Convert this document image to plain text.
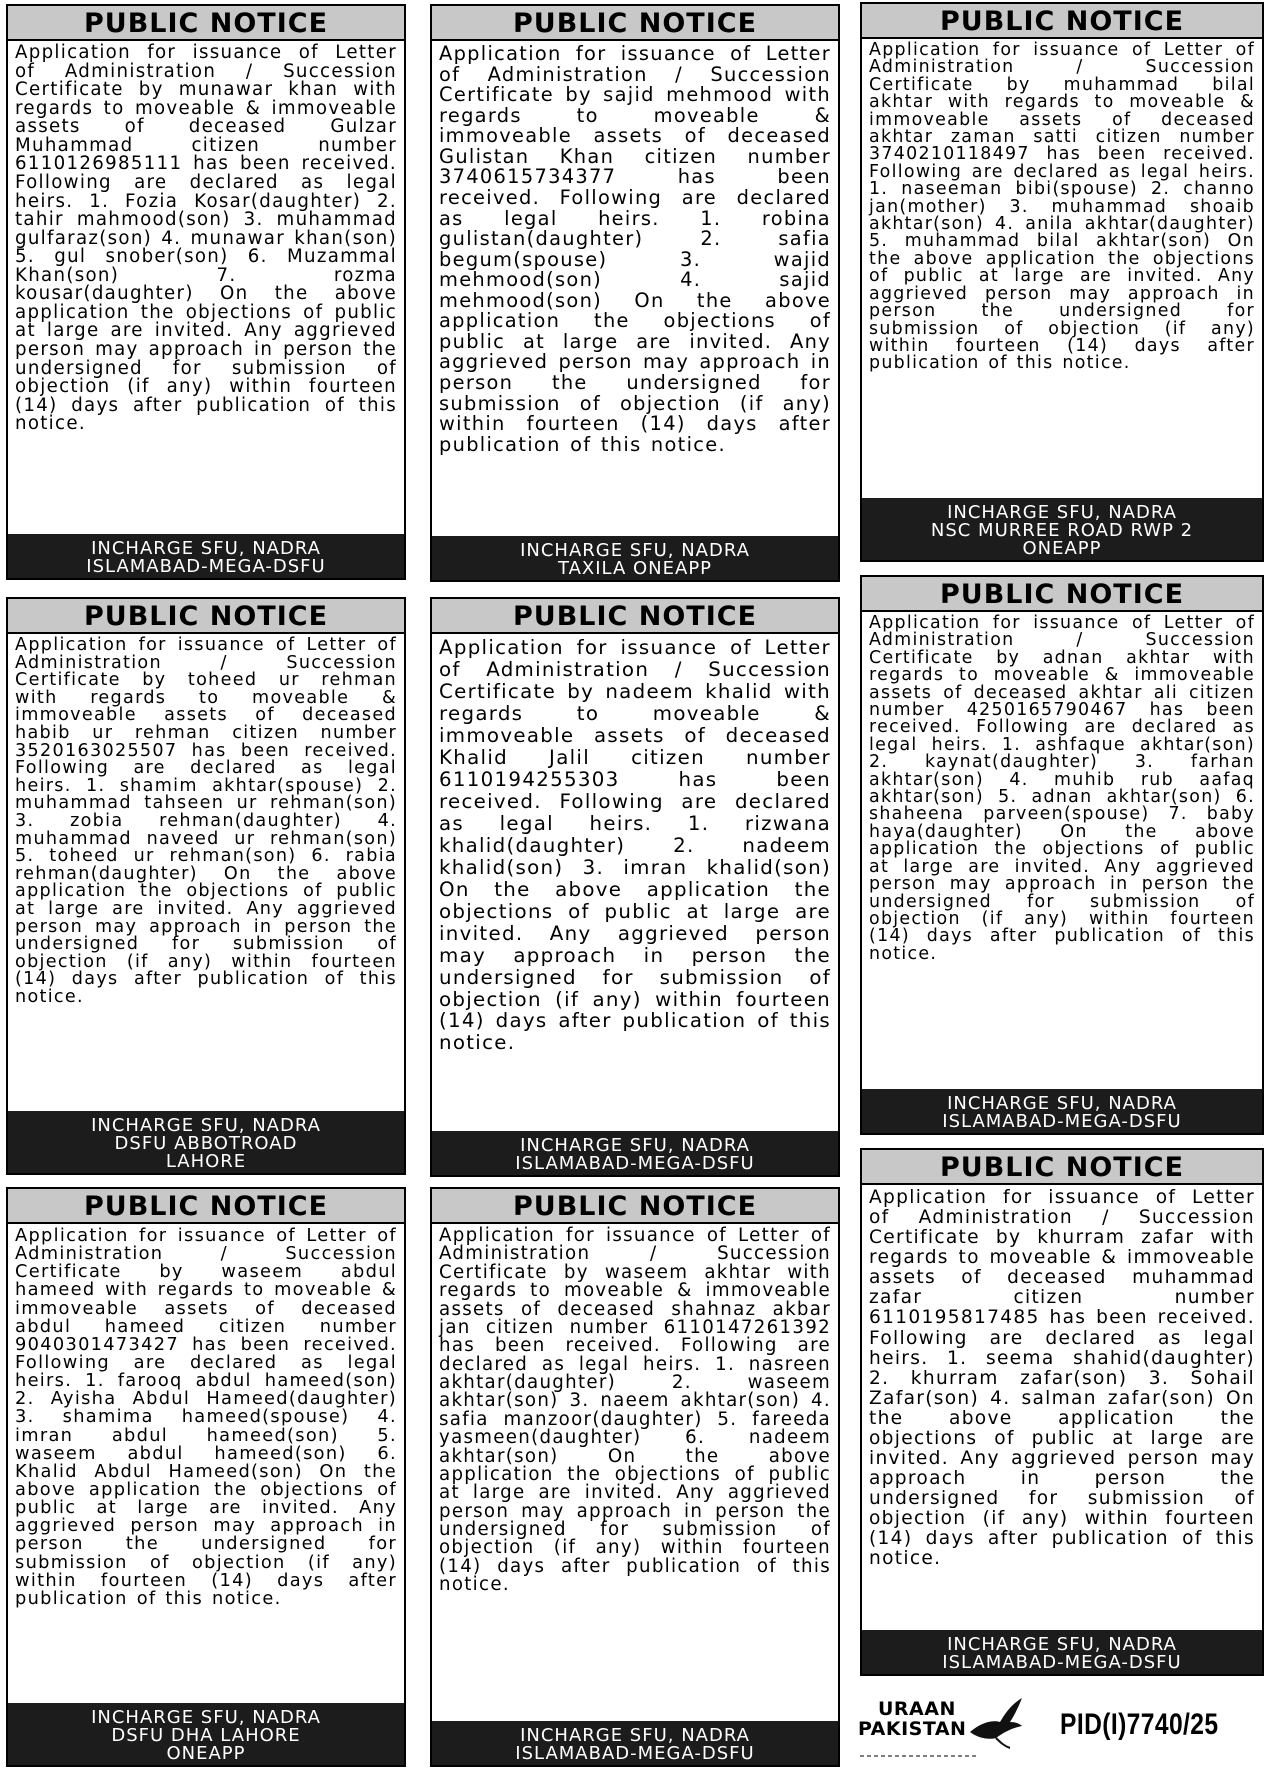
PUBLIC NOTICE
Application for issuance of Letter of Administration / Succession Certificate by munawar khan with regards to moveable & immoveable assets of deceased Gulzar Muhammad citizen number 6110126985111 has been received. Following are declared as legal heirs. 1. Fozia Kosar(daughter) 2. tahir mahmood(son) 3. muhammad gulfaraz(son) 4. munawar khan(son) 5. gul snober(son) 6. Muzammal Khan(son) 7. rozma kousar(daughter) On the above application the objections of public at large are invited. Any aggrieved person may approach in person the undersigned for submission of objection (if any) within fourteen (14) days after publication of this notice.
INCHARGE SFU, NADRA
ISLAMABAD-MEGA-DSFU
PUBLIC NOTICE
Application for issuance of Letter of Administration / Succession Certificate by toheed ur rehman with regards to moveable & immoveable assets of deceased habib ur rehman citizen number 3520163025507 has been received. Following are declared as legal heirs. 1. shamim akhtar(spouse) 2. muhammad tahseen ur rehman(son) 3. zobia rehman(daughter) 4. muhammad naveed ur rehman(son) 5. toheed ur rehman(son) 6. rabia rehman(daughter) On the above application the objections of public at large are invited. Any aggrieved person may approach in person the undersigned for submission of objection (if any) within fourteen (14) days after publication of this notice.
INCHARGE SFU, NADRA
DSFU ABBOTROAD
LAHORE
PUBLIC NOTICE
Application for issuance of Letter of Administration / Succession Certificate by waseem abdul hameed with regards to moveable & immoveable assets of deceased abdul hameed citizen number 9040301473427 has been received. Following are declared as legal heirs. 1. farooq abdul hameed(son) 2. Ayisha Abdul Hameed(daughter) 3. shamima hameed(spouse) 4. imran abdul hameed(son) 5. waseem abdul hameed(son) 6. Khalid Abdul Hameed(son) On the above application the objections of public at large are invited. Any aggrieved person may approach in person the undersigned for submission of objection (if any) within fourteen (14) days after publication of this notice.
INCHARGE SFU, NADRA
DSFU DHA LAHORE
ONEAPP
PUBLIC NOTICE
Application for issuance of Letter of Administration / Succession Certificate by sajid mehmood with regards to moveable & immoveable assets of deceased Gulistan Khan citizen number 3740615734377 has been received. Following are declared as legal heirs. 1. robina gulistan(daughter) 2. safia begum(spouse) 3. wajid mehmood(son) 4. sajid mehmood(son) On the above application the objections of public at large are invited. Any aggrieved person may approach in person the undersigned for submission of objection (if any) within fourteen (14) days after publication of this notice.
INCHARGE SFU, NADRA
TAXILA ONEAPP
PUBLIC NOTICE
Application for issuance of Letter of Administration / Succession Certificate by nadeem khalid with regards to moveable & immoveable assets of deceased Khalid Jalil citizen number 6110194255303 has been received. Following are declared as legal heirs. 1. rizwana khalid(daughter) 2. nadeem khalid(son) 3. imran khalid(son) On the above application the objections of public at large are invited. Any aggrieved person may approach in person the undersigned for submission of objection (if any) within fourteen (14) days after publication of this notice.
INCHARGE SFU, NADRA
ISLAMABAD-MEGA-DSFU
PUBLIC NOTICE
Application for issuance of Letter of Administration / Succession Certificate by waseem akhtar with regards to moveable & immoveable assets of deceased shahnaz akbar jan citizen number 6110147261392 has been received. Following are declared as legal heirs. 1. nasreen akhtar(daughter) 2. waseem akhtar(son) 3. naeem akhtar(son) 4. safia manzoor(daughter) 5. fareeda yasmeen(daughter) 6. nadeem akhtar(son) On the above application the objections of public at large are invited. Any aggrieved person may approach in person the undersigned for submission of objection (if any) within fourteen (14) days after publication of this notice.
INCHARGE SFU, NADRA
ISLAMABAD-MEGA-DSFU
PUBLIC NOTICE
Application for issuance of Letter of Administration / Succession Certificate by muhammad bilal akhtar with regards to moveable & immoveable assets of deceased akhtar zaman satti citizen number 3740210118497 has been received. Following are declared as legal heirs. 1. naseeman bibi(spouse) 2. channo jan(mother) 3. muhammad shoaib akhtar(son) 4. anila akhtar(daughter) 5. muhammad bilal akhtar(son) On the above application the objections of public at large are invited. Any aggrieved person may approach in person the undersigned for submission of objection (if any) within fourteen (14) days after publication of this notice.
INCHARGE SFU, NADRA
NSC MURREE ROAD RWP 2
ONEAPP
PUBLIC NOTICE
Application for issuance of Letter of Administration / Succession Certificate by adnan akhtar with regards to moveable & immoveable assets of deceased akhtar ali citizen number 4250165790467 has been received. Following are declared as legal heirs. 1. ashfaque akhtar(son) 2. kaynat(daughter) 3. farhan akhtar(son) 4. muhib rub aafaq akhtar(son) 5. adnan akhtar(son) 6. shaheena parveen(spouse) 7. baby haya(daughter) On the above application the objections of public at large are invited. Any aggrieved person may approach in person the undersigned for submission of objection (if any) within fourteen (14) days after publication of this notice.
INCHARGE SFU, NADRA
ISLAMABAD-MEGA-DSFU
PUBLIC NOTICE
Application for issuance of Letter of Administration / Succession Certificate by khurram zafar with regards to moveable & immoveable assets of deceased muhammad zafar citizen number 6110195817485 has been received. Following are declared as legal heirs. 1. seema shahid(daughter) 2. khurram zafar(son) 3. Sohail Zafar(son) 4. salman zafar(son) On the above application the objections of public at large are invited. Any aggrieved person may approach in person the undersigned for submission of objection (if any) within fourteen (14) days after publication of this notice.
INCHARGE SFU, NADRA
ISLAMABAD-MEGA-DSFU
URAAN
PAKISTAN	PID(I)7740/25
